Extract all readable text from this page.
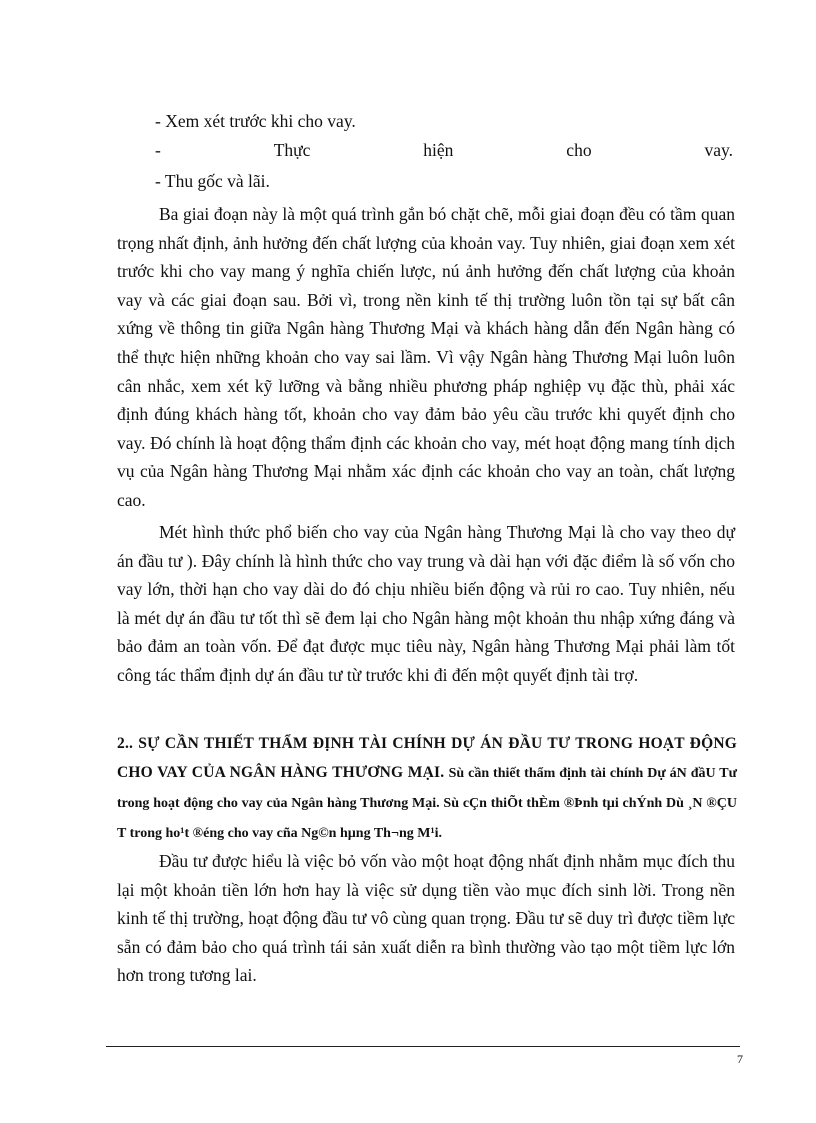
- Xem xét trước khi cho vay.
-	Thực	hiện	cho	vay.
- Thu gốc và lãi.

Ba giai đoạn này là một quá trình gắn bó chặt chẽ, mỗi giai đoạn đều có tầm quan trọng nhất định, ảnh hưởng đến chất lượng của khoản vay. Tuy nhiên, giai đoạn xem xét trước khi cho vay mang ý nghĩa chiến lược, nú ảnh hưởng đến chất lượng của khoản vay và các giai đoạn sau. Bởi vì, trong nền kinh tế thị trường luôn tồn tại sự bất cân xứng về thông tin giữa Ngân hàng Thương Mại và khách hàng dẫn đến Ngân hàng có thể thực hiện những khoản cho vay sai lầm. Vì vậy Ngân hàng Thương Mại luôn luôn cân nhắc, xem xét kỹ lưỡng và bằng nhiều phương pháp nghiệp vụ đặc thù, phải xác định đúng khách hàng tốt, khoản cho vay đảm bảo yêu cầu trước khi quyết định cho vay. Đó chính là hoạt động thẩm định các khoản cho vay, mét hoạt động mang tính dịch vụ của Ngân hàng Thương Mại nhằm xác định các khoản cho vay an toàn, chất lượng cao.

Mét hình thức phổ biến cho vay của Ngân hàng Thương Mại là cho vay theo dự án đầu tư ). Đây chính là hình thức cho vay trung và dài hạn với đặc điểm là số vốn cho vay lớn, thời hạn cho vay dài do đó chịu nhiều biến động và rủi ro cao. Tuy nhiên, nếu là mét dự án đầu tư tốt thì sẽ đem lại cho Ngân hàng một khoản thu nhập xứng đáng và bảo đảm an toàn vốn. Để đạt được mục tiêu này, Ngân hàng Thương Mại phải làm tốt công tác thẩm định dự án đầu tư từ trước khi đi đến một quyết định tài trợ.

2.. SỰ CẦN THIẾT THẨM ĐỊNH TÀI CHÍNH DỰ ÁN ĐẦU TƯ TRONG HOẠT ĐỘNG CHO VAY CỦA NGÂN HÀNG THƯƠNG MẠI. Sù cần thiết thẩm định tài chính Dự áN đầU Tư trong hoạt động cho vay của Ngân hàng Thương Mại. Sù cÇn thiÕt thÈm ®Þnh tµi chÝnh Dù ¸N ®ÇU T trong ho¹t ®éng cho vay cña Ng©n hµng Th¬ng M¹i.

Đầu tư được hiểu là việc bỏ vốn vào một hoạt động nhất định nhằm mục đích thu lại một khoản tiền lớn hơn hay là việc sử dụng tiền vào mục đích sinh lời. Trong nền kinh tế thị trường, hoạt động đầu tư vô cùng quan trọng. Đầu tư sẽ duy trì được tiềm lực sẵn có đảm bảo cho quá trình tái sản xuất diễn ra bình thường vào tạo một tiềm lực lớn hơn trong tương lai.

7
